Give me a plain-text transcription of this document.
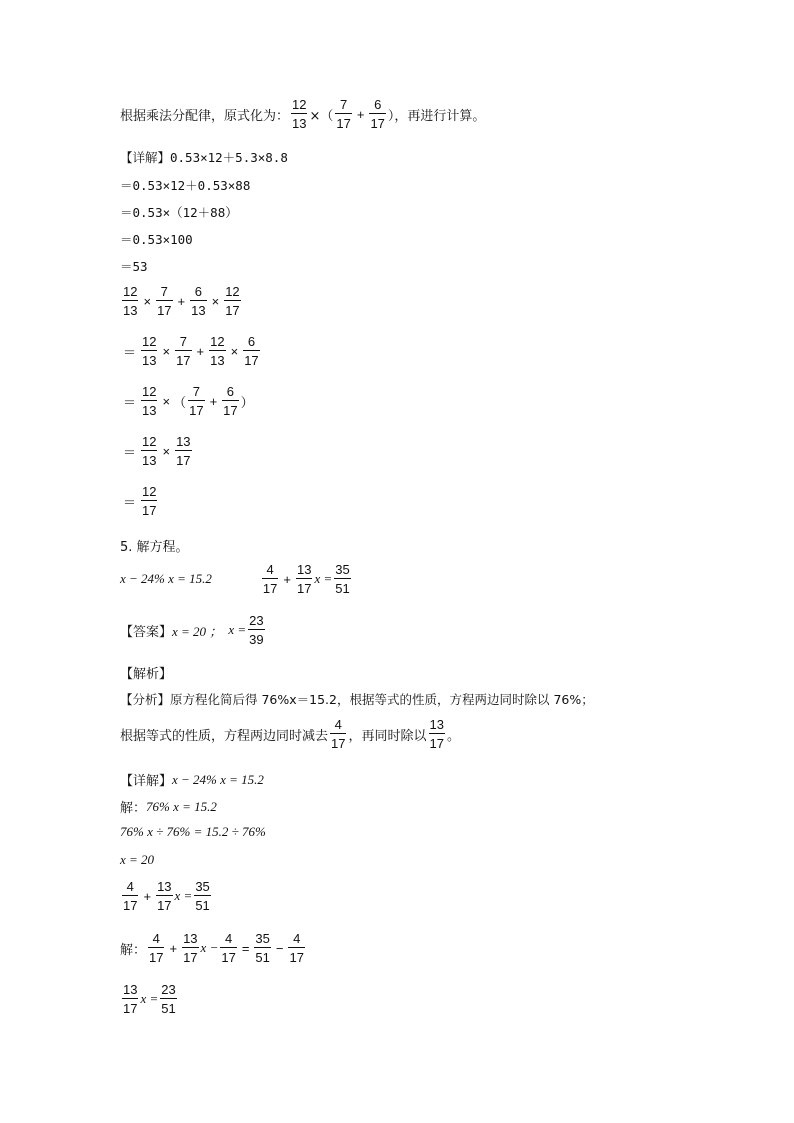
根据乘法分配律，原式化为： $\frac{12}{13}$ ×（ $\frac{7}{17} + \frac{6}{17}$ ），再进行计算。
【详解】0.53×12＋5.3×8.8
＝0.53×12＋0.53×88
＝0.53×（12＋88）
＝0.53×100
＝53
$\frac{12}{13} \times \frac{7}{17} + \frac{6}{13} \times \frac{12}{17}$
＝ $\frac{12}{13} \times \frac{7}{17} + \frac{12}{13} \times \frac{6}{17}$
＝ $\frac{12}{13}$ × （ $\frac{7}{17} + \frac{6}{17}$ ）
＝ $\frac{12}{13} \times \frac{13}{17}$
＝ $\frac{12}{17}$
5. 解方程。
x − 24% x = 15.2	$\frac{4}{17} + \frac{13}{17}$ $x = \frac{35}{51}$
【答案】 x = 20 ； $x = \frac{23}{39}$
【解析】
【分析】原方程化简后得 76%x＝15.2，根据等式的性质，方程两边同时除以 76%；
根据等式的性质，方程两边同时减去 $\frac{4}{17}$ ，再同时除以 $\frac{13}{17}$ 。
【详解】 x − 24% x = 15.2
解： 76% x = 15.2
76% x ÷ 76% = 15.2 ÷ 76%
x = 20
$\frac{4}{17} + \frac{13}{17}$ $x = \frac{35}{51}$
解： $\frac{4}{17} + \frac{13}{17}$ $x - \frac{4}{17} = \frac{35}{51} - \frac{4}{17}$
$\frac{13}{17}$ $x = \frac{23}{51}$
